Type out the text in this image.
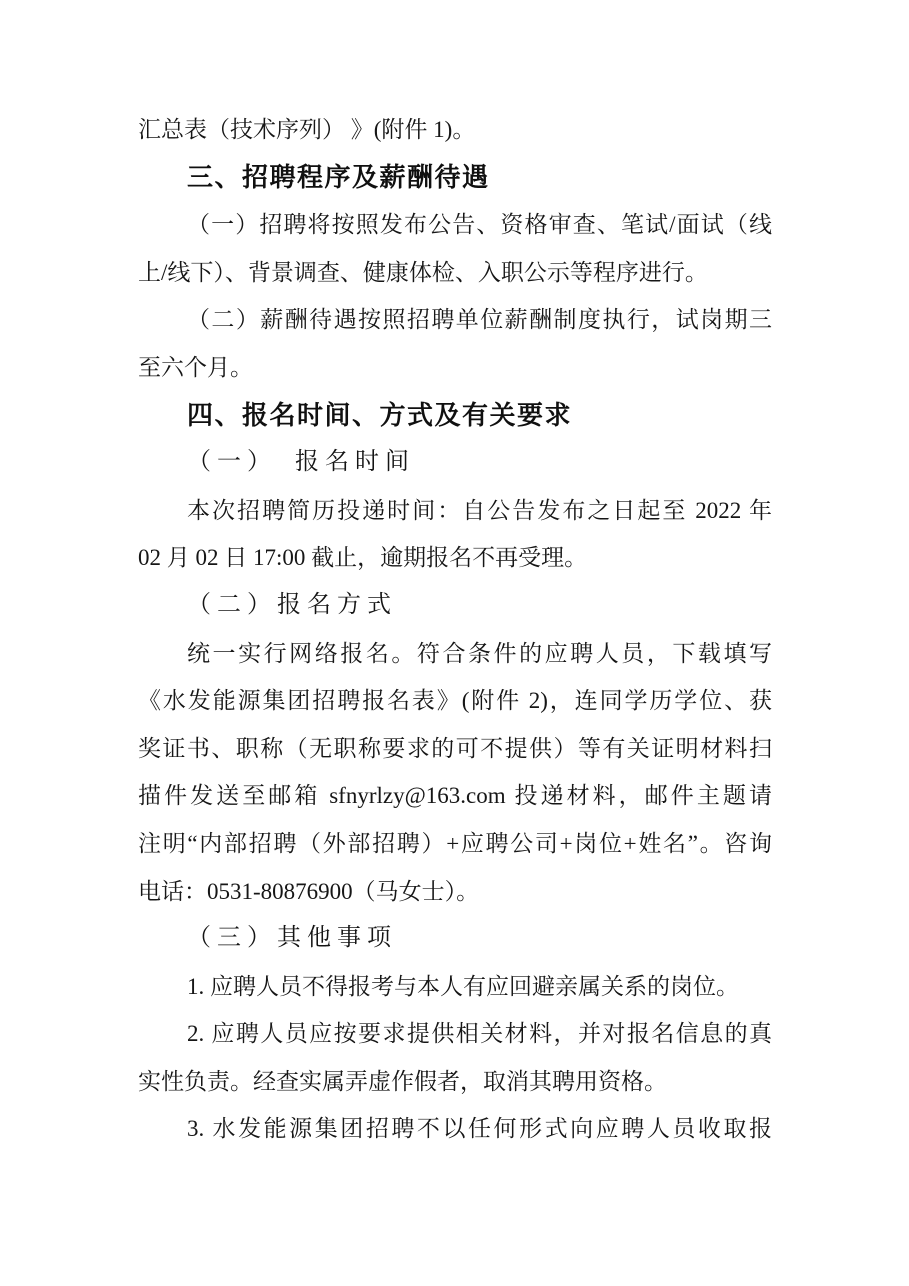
汇总表（技术序列） 》(附件 1)。
三、招聘程序及薪酬待遇
（一）招聘将按照发布公告、资格审查、笔试/面试（线
上/线下）、背景调查、健康体检、入职公示等程序进行。
（二）薪酬待遇按照招聘单位薪酬制度执行，试岗期三
至六个月。
四、报名时间、方式及有关要求
（一）　报名时间
本次招聘简历投递时间：自公告发布之日起至 2022 年
02 月 02 日 17:00 截止，逾期报名不再受理。
（二）报名方式
统一实行网络报名。符合条件的应聘人员，下载填写
《水发能源集团招聘报名表》(附件 2)，连同学历学位、获
奖证书、职称（无职称要求的可不提供）等有关证明材料扫
描件发送至邮箱 sfnyrlzy@163.com 投递材料，邮件主题请
注明“内部招聘（外部招聘）+应聘公司+岗位+姓名”。咨询
电话：0531-80876900（马女士）。
（三）其他事项
1. 应聘人员不得报考与本人有应回避亲属关系的岗位。
2. 应聘人员应按要求提供相关材料，并对报名信息的真
实性负责。经查实属弄虚作假者，取消其聘用资格。
3. 水发能源集团招聘不以任何形式向应聘人员收取报
